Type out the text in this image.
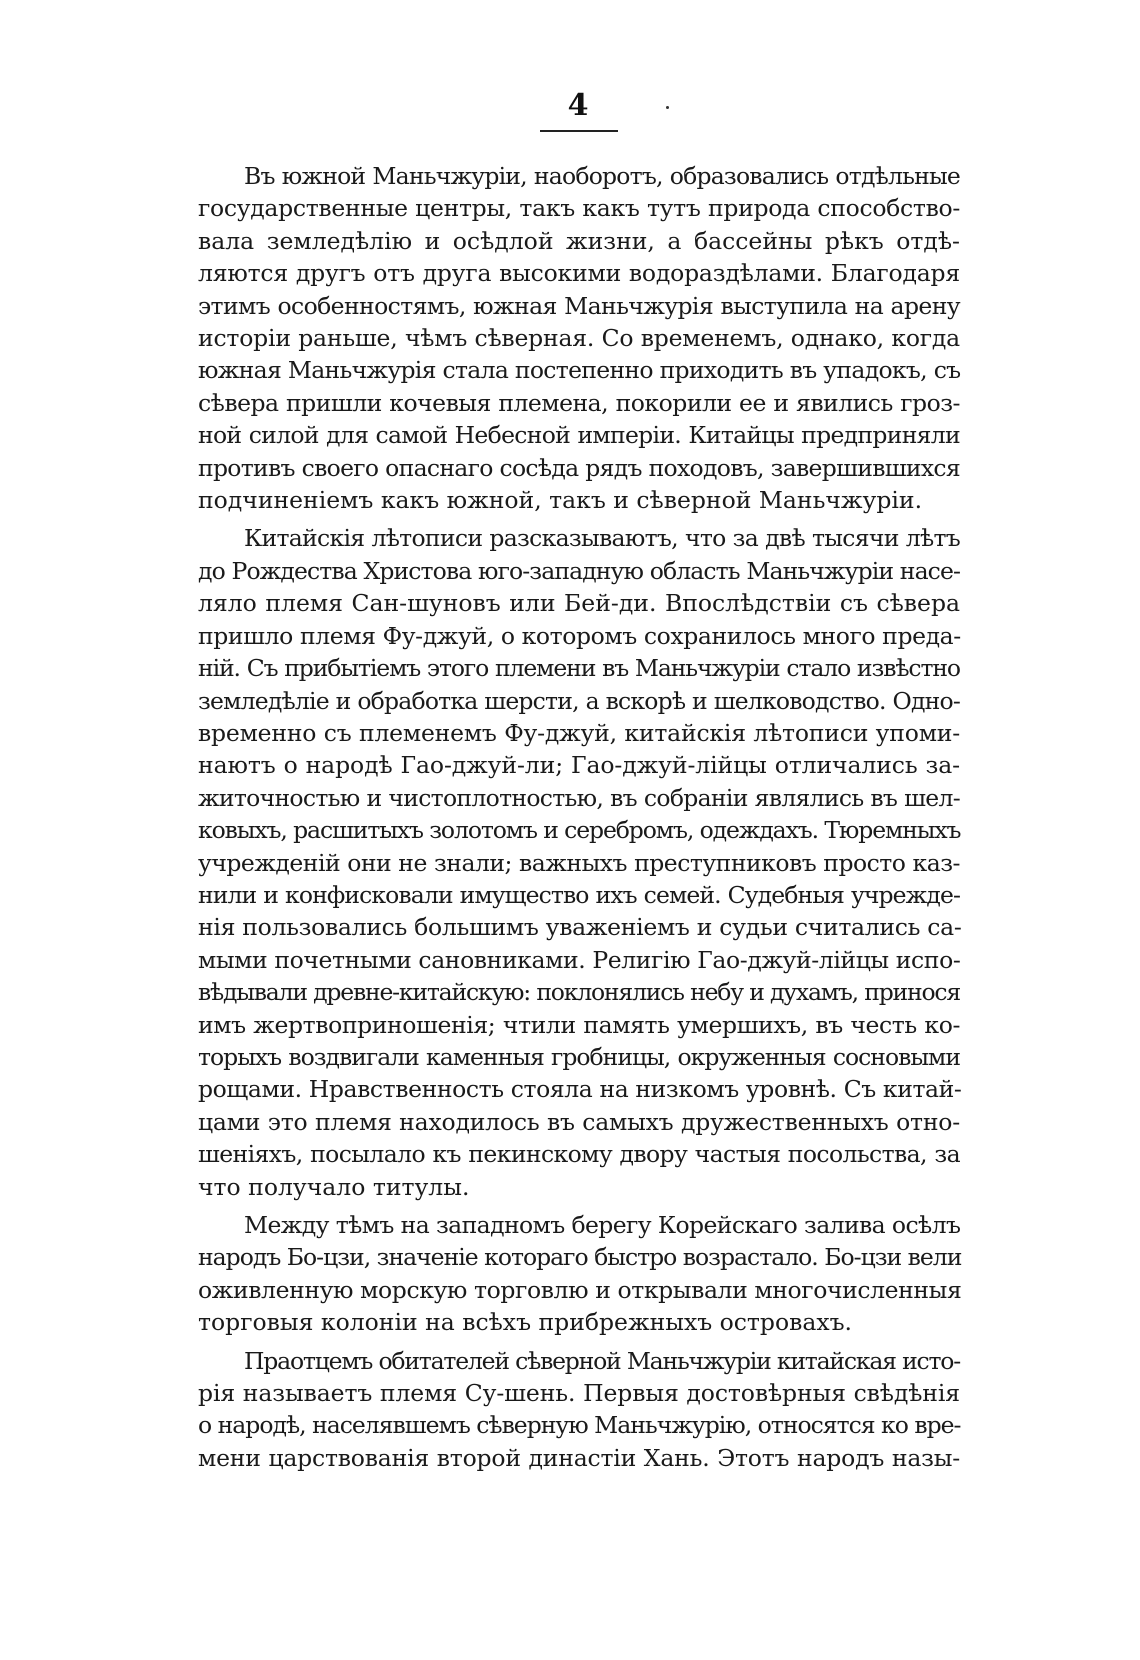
4

Въ южной Маньчжуріи, наоборотъ, образовались отдѣльные
государственные центры, такъ какъ тутъ природа способство-
вала земледѣлію и осѣдлой жизни, а бассейны рѣкъ отдѣ-
ляются другъ отъ друга высокими водораздѣлами. Благодаря
этимъ особенностямъ, южная Маньчжурія выступила на арену
исторіи раньше, чѣмъ сѣверная. Со временемъ, однако, когда
южная Маньчжурія стала постепенно приходить въ упадокъ, съ
сѣвера пришли кочевыя племена, покорили ее и явились гроз-
ной силой для самой Небесной имперіи. Китайцы предприняли
противъ своего опаснаго сосѣда рядъ походовъ, завершившихся
подчиненіемъ какъ южной, такъ и сѣверной Маньчжуріи.

Китайскія лѣтописи разсказываютъ, что за двѣ тысячи лѣтъ
до Рождества Христова юго-западную область Маньчжуріи насе-
ляло племя Сан-шуновъ или Бей-ди. Впослѣдствіи съ сѣвера
пришло племя Фу-джуй, о которомъ сохранилось много преда-
ній. Съ прибытіемъ этого племени въ Маньчжуріи стало извѣстно
земледѣліе и обработка шерсти, а вскорѣ и шелководство. Одно-
временно съ племенемъ Фу-джуй, китайскія лѣтописи упоми-
наютъ о народѣ Гао-джуй-ли; Гао-джуй-лійцы отличались за-
житочностью и чистоплотностью, въ собраніи являлись въ шел-
ковыхъ, расшитыхъ золотомъ и серебромъ, одеждахъ. Тюремныхъ
учрежденій они не знали; важныхъ преступниковъ просто каз-
нили и конфисковали имущество ихъ семей. Судебныя учрежде-
нія пользовались большимъ уваженіемъ и судьи считались са-
мыми почетными сановниками. Религію Гао-джуй-лійцы испо-
вѣдывали древне-китайскую: поклонялись небу и духамъ, принося
имъ жертвоприношенія; чтили память умершихъ, въ честь ко-
торыхъ воздвигали каменныя гробницы, окруженныя сосновыми
рощами. Нравственность стояла на низкомъ уровнѣ. Съ китай-
цами это племя находилось въ самыхъ дружественныхъ отно-
шеніяхъ, посылало къ пекинскому двору частыя посольства, за
что получало титулы.

Между тѣмъ на западномъ берегу Корейскаго залива осѣлъ
народъ Бо-цзи, значеніе котораго быстро возрастало. Бо-цзи вели
оживленную морскую торговлю и открывали многочисленныя
торговыя колоніи на всѣхъ прибрежныхъ островахъ.

Праотцемъ обитателей сѣверной Маньчжуріи китайская исто-
рія называетъ племя Су-шень. Первыя достовѣрныя свѣдѣнія
о народѣ, населявшемъ сѣверную Маньчжурію, относятся ко вре-
мени царствованія второй династіи Хань. Этотъ народъ назы-
